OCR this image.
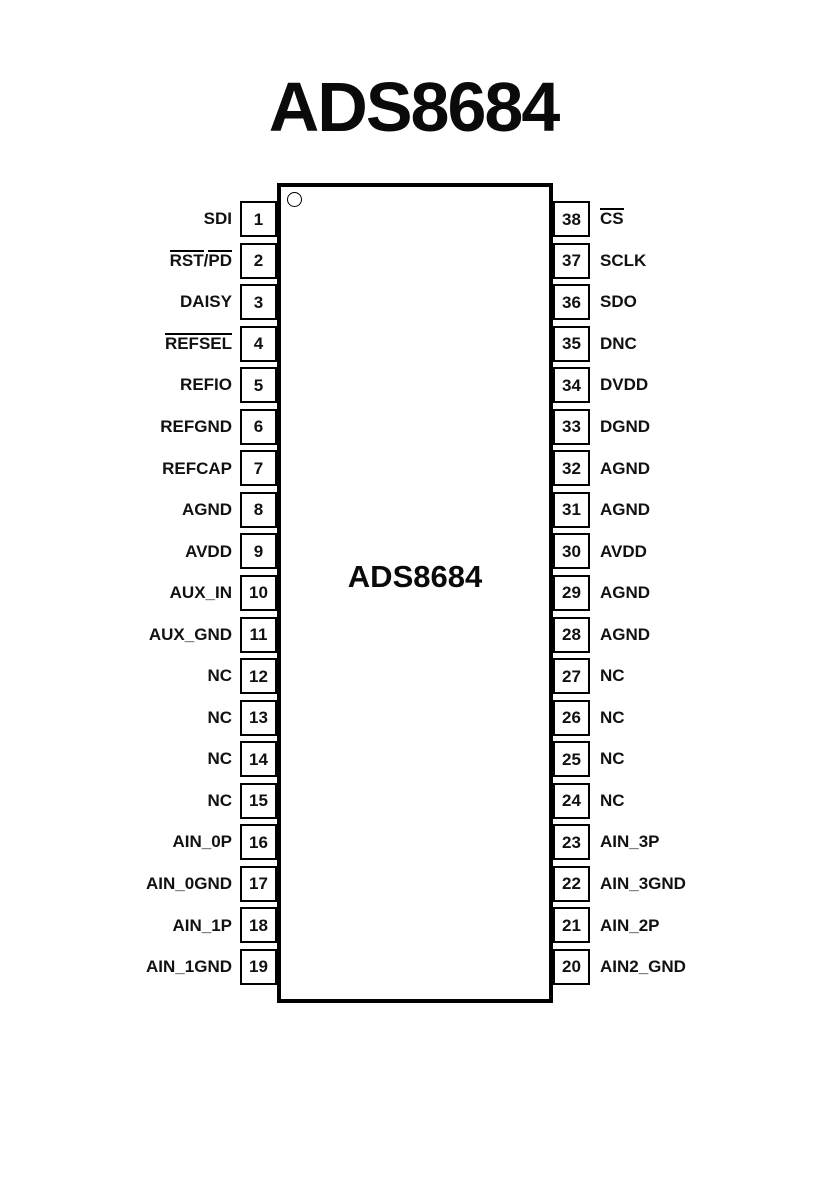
ADS8684
ADS8684
SDI 1
RST/PD 2
DAISY 3
REFSEL 4
REFIO 5
REFGND 6
REFCAP 7
AGND 8
AVDD 9
AUX_IN 10
AUX_GND 11
NC 12
NC 13
NC 14
NC 15
AIN_0P 16
AIN_0GND 17
AIN_1P 18
AIN_1GND 19
38 CS
37 SCLK
36 SDO
35 DNC
34 DVDD
33 DGND
32 AGND
31 AGND
30 AVDD
29 AGND
28 AGND
27 NC
26 NC
25 NC
24 NC
23 AIN_3P
22 AIN_3GND
21 AIN_2P
20 AIN2_GND
